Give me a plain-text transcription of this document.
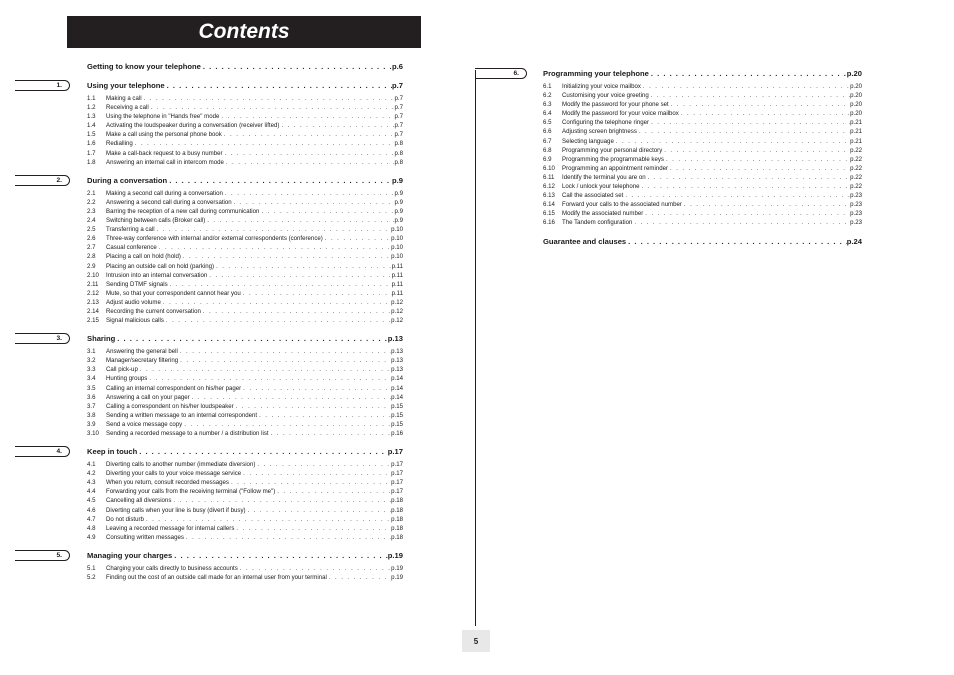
Contents
Getting to know your telephone . . .	p.6
1.	Using your telephone . . .	p.7
1.1	Making a call . . .	p.7
1.2	Receiving a call . . .	p.7
1.3	Using the telephone in "Hands free" mode . . .	p.7
1.4	Activating the loudspeaker during a conversation (receiver lifted) . . .	p.7
1.5	Make a call using the personal phone book . . .	p.7
1.6	Redialling . . .	p.8
1.7	Make a call-back request to a busy number . . .	p.8
1.8	Answering an internal call in intercom mode . . .	p.8
2.	During a conversation . . .	p.9
2.1	Making a second call during a conversation . . .	p.9
2.2	Answering a second call during a conversation . . .	p.9
2.3	Barring the reception of a new call during communication . . .	p.9
2.4	Switching between calls (Broker call) . . .	p.9
2.5	Transferring a call . . .	p.10
2.6	Three-way conference with internal and/or external correspondents (conference) . . .	p.10
2.7	Casual conference . . .	p.10
2.8	Placing a call on hold (hold) . . .	p.10
2.9	Placing an outside call on hold (parking) . . .	p.11
2.10	Intrusion into an internal conversation . . .	p.11
2.11	Sending DTMF signals . . .	p.11
2.12	Mute, so that your correspondent cannot hear you . . .	p.11
2.13	Adjust audio volume . . .	p.12
2.14	Recording the current conversation . . .	p.12
2.15	Signal malicious calls . . .	p.12
3.	Sharing . . .	p.13
3.1	Answering the general bell . . .	p.13
3.2	Manager/secretary filtering . . .	p.13
3.3	Call pick-up . . .	p.13
3.4	Hunting groups . . .	p.14
3.5	Calling an internal correspondent on his/her pager . . .	p.14
3.6	Answering a call on your pager . . .	p.14
3.7	Calling a correspondent on his/her loudspeaker . . .	p.15
3.8	Sending a written message to an internal correspondent . . .	p.15
3.9	Send a voice message copy . . .	p.15
3.10	Sending a recorded message to a number / a distribution list . . .	p.16
4.	Keep in touch . . .	p.17
4.1	Diverting calls to another number (immediate diversion) . . .	p.17
4.2	Diverting your calls to your voice message service . . .	p.17
4.3	When you return, consult recorded messages . . .	p.17
4.4	Forwarding your calls from the receiving terminal ("Follow me") . . .	p.17
4.5	Cancelling all diversions . . .	p.18
4.6	Diverting calls when your line is busy (divert if busy) . . .	p.18
4.7	Do not disturb . . .	p.18
4.8	Leaving a recorded message for internal callers . . .	p.18
4.9	Consulting written messages . . .	p.18
5.	Managing your charges . . .	p.19
5.1	Charging your calls directly to business accounts . . .	p.19
5.2	Finding out the cost of an outside call made for an internal user from your terminal . . .	p.19
6.	Programming your telephone . . .	p.20
6.1	Initializing your voice mailbox . . .	p.20
6.2	Customising your voice greeting . . .	p.20
6.3	Modify the password for your phone set . . .	p.20
6.4	Modify the password for your voice mailbox . . .	p.20
6.5	Configuring the telephone ringer . . .	p.21
6.6	Adjusting screen brightness . . .	p.21
6.7	Selecting language . . .	p.21
6.8	Programming your personal directory . . .	p.22
6.9	Programming the programmable keys . . .	p.22
6.10	Programming an appointment reminder . . .	p.22
6.11	Identify the terminal you are on . . .	p.22
6.12	Lock / unlock your telephone . . .	p.22
6.13	Call the associated set . . .	p.23
6.14	Forward your calls to the associated number . . .	p.23
6.15	Modify the associated number . . .	p.23
6.16	The Tandem configuration . . .	p.23
Guarantee and clauses . . .	p.24
5
